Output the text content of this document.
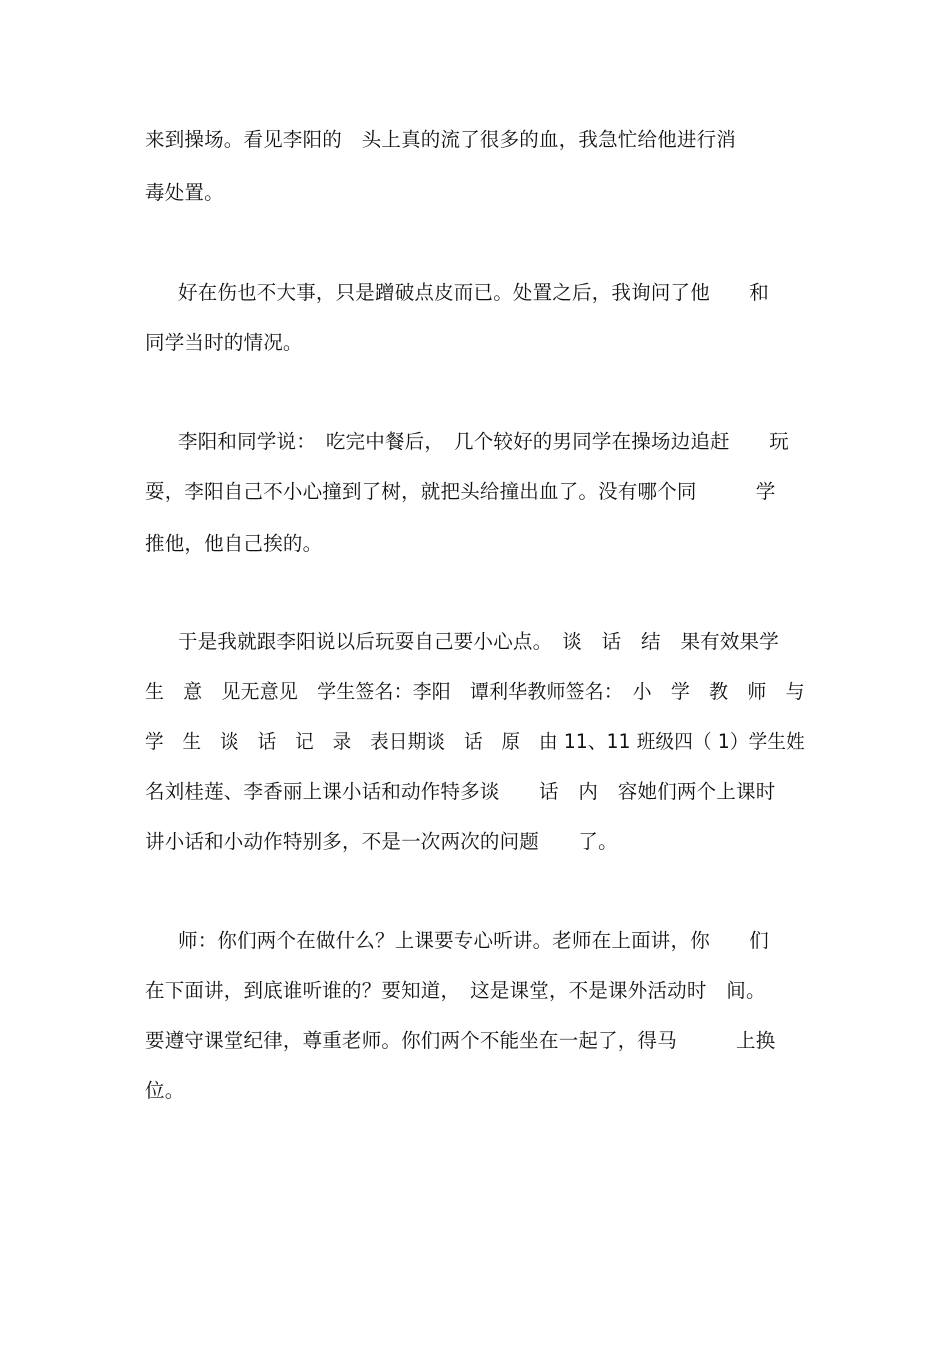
来到操场。看见李阳的　头上真的流了很多的血，我急忙给他进行消
毒处置。
好在伤也不大事，只是蹭破点皮而已。处置之后，我询问了他　　和
同学当时的情况。
李阳和同学说：　吃完中餐后，　几个较好的男同学在操场边追赶　　玩
耍，李阳自己不小心撞到了树，就把头给撞出血了。没有哪个同　　　学
推他，他自己挨的。
于是我就跟李阳说以后玩耍自己要小心点。　谈　话　结　果有效果学
生　意　见无意见　学生签名：李阳　谭利华教师签名：　小　学　教　师　与
学　生　谈　话　记　录　表日期谈　话　原　由 11、11 班级四（ 1）学生姓
名刘桂莲、李香丽上课小话和动作特多谈　　话　内　容她们两个上课时
讲小话和小动作特别多，不是一次两次的问题　　了。
师：你们两个在做什么？上课要专心听讲。老师在上面讲，你　　们
在下面讲，到底谁听谁的？要知道，　这是课堂，不是课外活动时　间。
要遵守课堂纪律，尊重老师。你们两个不能坐在一起了，得马　　　上换
位。
